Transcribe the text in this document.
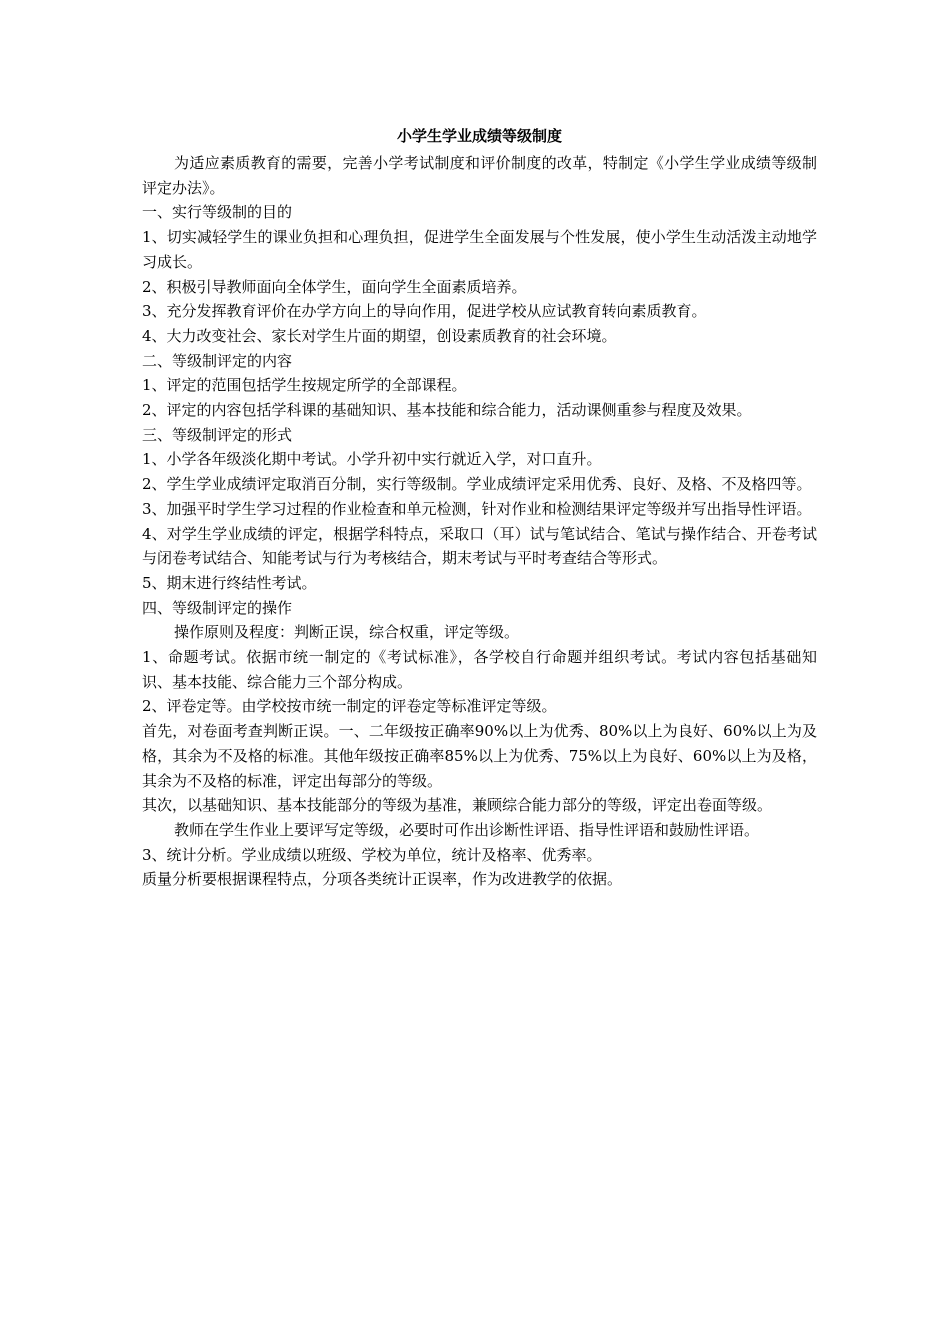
小学生学业成绩等级制度

为适应素质教育的需要，完善小学考试制度和评价制度的改革，特制定《小学生学业成绩等级制评定办法》。

一、实行等级制的目的

1、切实减轻学生的课业负担和心理负担，促进学生全面发展与个性发展，使小学生生动活泼主动地学习成长。

2、积极引导教师面向全体学生，面向学生全面素质培养。

3、充分发挥教育评价在办学方向上的导向作用，促进学校从应试教育转向素质教育。

4、大力改变社会、家长对学生片面的期望，创设素质教育的社会环境。

二、等级制评定的内容

1、评定的范围包括学生按规定所学的全部课程。

2、评定的内容包括学科课的基础知识、基本技能和综合能力，活动课侧重参与程度及效果。

三、等级制评定的形式

1、小学各年级淡化期中考试。小学升初中实行就近入学，对口直升。

2、学生学业成绩评定取消百分制，实行等级制。学业成绩评定采用优秀、良好、及格、不及格四等。

3、加强平时学生学习过程的作业检查和单元检测，针对作业和检测结果评定等级并写出指导性评语。

4、对学生学业成绩的评定，根据学科特点，采取口（耳）试与笔试结合、笔试与操作结合、开卷考试与闭卷考试结合、知能考试与行为考核结合，期末考试与平时考查结合等形式。

5、期末进行终结性考试。

四、等级制评定的操作

操作原则及程度：判断正误，综合权重，评定等级。

1、命题考试。依据市统一制定的《考试标准》，各学校自行命题并组织考试。考试内容包括基础知识、基本技能、综合能力三个部分构成。

2、评卷定等。由学校按市统一制定的评卷定等标准评定等级。

首先，对卷面考查判断正误。一、二年级按正确率90%以上为优秀、80%以上为良好、60%以上为及格，其余为不及格的标准。其他年级按正确率85%以上为优秀、75%以上为良好、60%以上为及格，其余为不及格的标准，评定出每部分的等级。

其次，以基础知识、基本技能部分的等级为基准，兼顾综合能力部分的等级，评定出卷面等级。

教师在学生作业上要评写定等级，必要时可作出诊断性评语、指导性评语和鼓励性评语。

3、统计分析。学业成绩以班级、学校为单位，统计及格率、优秀率。

质量分析要根据课程特点，分项各类统计正误率，作为改进教学的依据。
